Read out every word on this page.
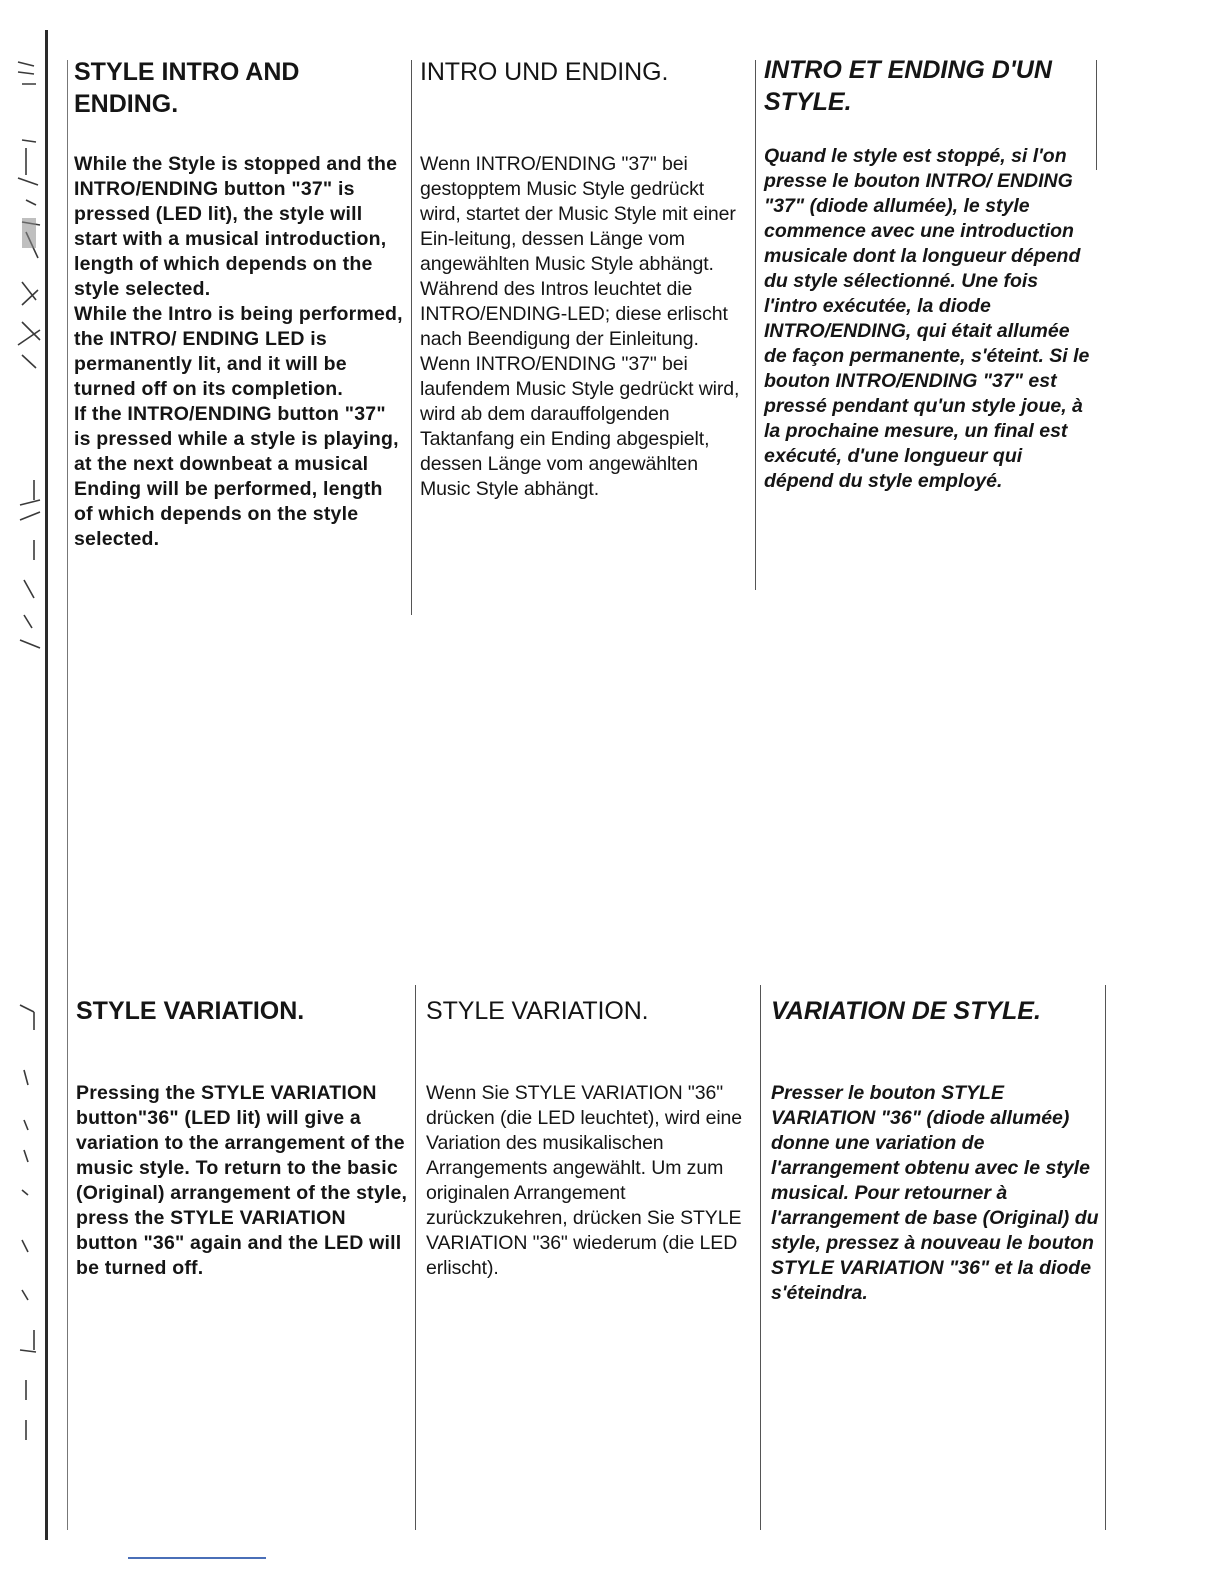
STYLE INTRO AND ENDING.

While the Style is stopped and the INTRO/ENDING button "37" is pressed (LED lit), the style will start with a musical introduction, length of which depends on the style selected.
While the Intro is being performed, the INTRO/ ENDING LED is permanently lit, and it will be turned off on its completion.
If the INTRO/ENDING button "37" is pressed while a style is playing, at the next downbeat a musical Ending will be performed, length of which depends on the style selected.

INTRO UND ENDING.

Wenn INTRO/ENDING "37" bei gestopptem Music Style gedrückt wird, startet der Music Style mit einer Ein-leitung, dessen Länge vom angewählten Music Style abhängt.
Während des Intros leuchtet die INTRO/ENDING-LED; diese erlischt nach Beendigung der Einleitung.
Wenn INTRO/ENDING "37" bei laufendem Music Style gedrückt wird, wird ab dem darauffolgenden Taktanfang ein Ending abgespielt, dessen Länge vom angewählten Music Style abhängt.

INTRO ET ENDING D'UN STYLE.

Quand le style est stoppé, si l'on presse le bouton INTRO/ ENDING "37" (diode allumée), le style commence avec une introduction musicale dont la longueur dépend du style sélectionné. Une fois l'intro exécutée, la diode INTRO/ENDING, qui était allumée de façon permanente, s'éteint. Si le bouton INTRO/ENDING "37" est pressé pendant qu'un style joue, à la prochaine mesure, un final est exécuté, d'une longueur qui dépend du style employé.

STYLE VARIATION.

Pressing the STYLE VARIATION button"36" (LED lit) will give a variation to the arrangement of the music style. To return to the basic (Original) arrangement of the style, press the STYLE VARIATION button "36" again and the LED will be turned off.

STYLE VARIATION.

Wenn Sie STYLE VARIATION "36" drücken (die LED leuchtet), wird eine Variation des musikalischen Arrangements angewählt. Um zum originalen Arrangement zurückzukehren, drücken Sie STYLE VARIATION "36" wiederum (die LED erlischt).

VARIATION DE STYLE.

Presser le bouton STYLE VARIATION "36" (diode allumée) donne une variation de l'arrangement obtenu avec le style musical. Pour retourner à l'arrangement de base (Original) du style, pressez à nouveau le bouton STYLE VARIATION "36" et la diode s'éteindra.
